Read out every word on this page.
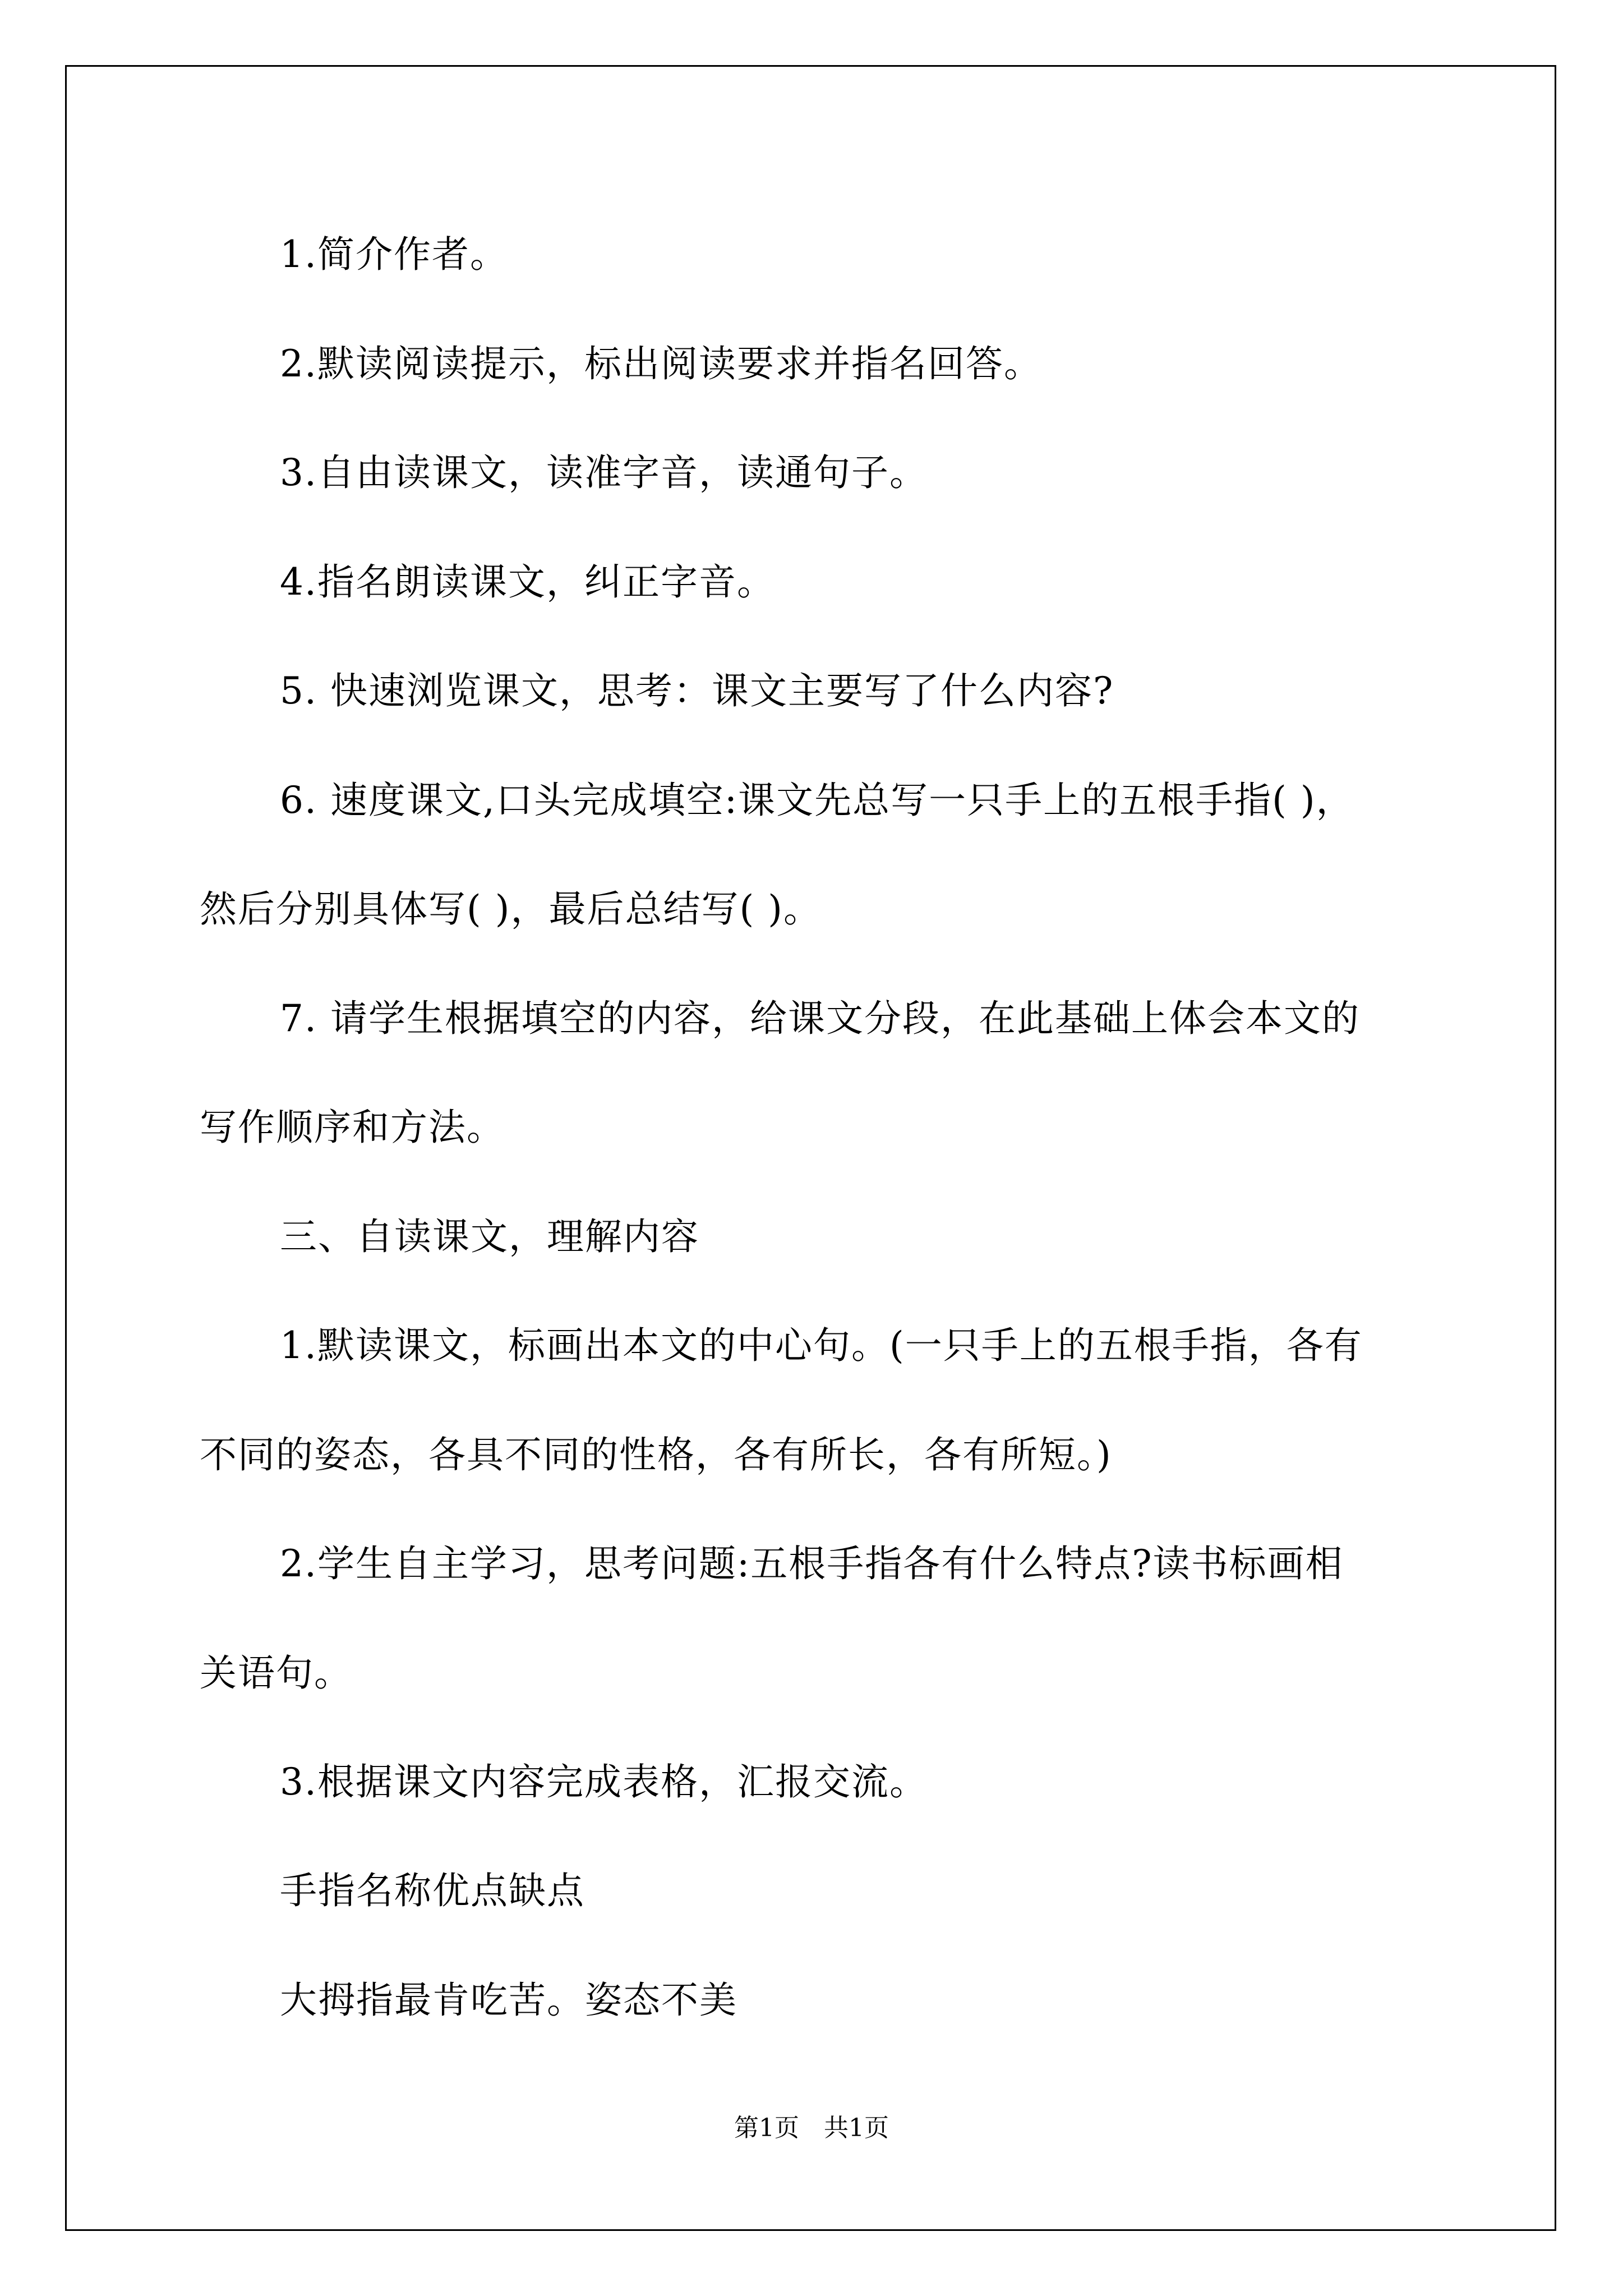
1.简介作者。
2.默读阅读提示，标出阅读要求并指名回答。
3.自由读课文，读准字音，读通句子。
4.指名朗读课文，纠正字音。
5. 快速浏览课文，思考：课文主要写了什么内容?
6. 速度课文,口头完成填空:课文先总写一只手上的五根手指( )，
然后分别具体写( )，最后总结写( )。
7. 请学生根据填空的内容，给课文分段，在此基础上体会本文的
写作顺序和方法。
三、自读课文，理解内容
1.默读课文，标画出本文的中心句。(一只手上的五根手指，各有
不同的姿态，各具不同的性格，各有所长，各有所短。)
2.学生自主学习，思考问题:五根手指各有什么特点?读书标画相
关语句。
3.根据课文内容完成表格，汇报交流。
手指名称优点缺点
大拇指最肯吃苦。姿态不美
第1页　共1页
